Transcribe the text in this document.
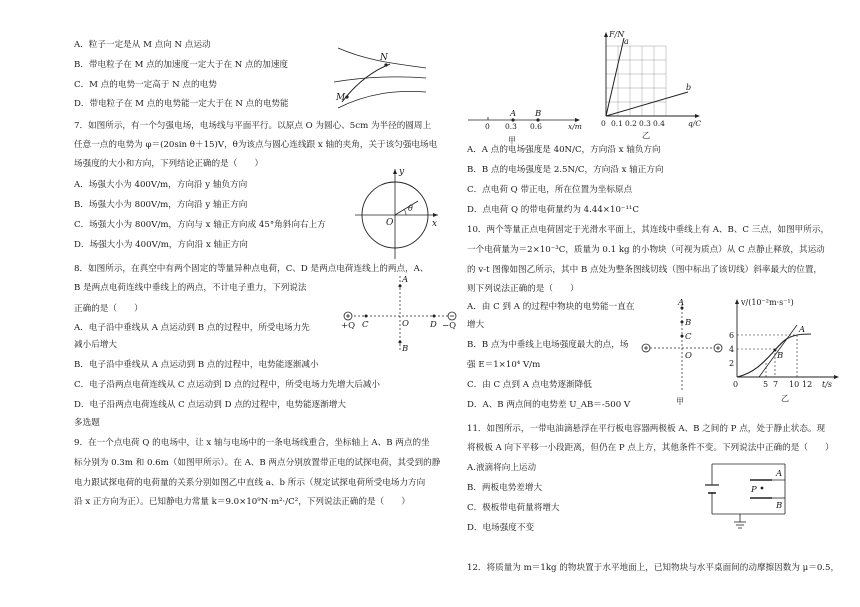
A．粒子一定是从 M 点向 N 点运动
B．带电粒子在 M 点的加速度一定大于在 N 点的加速度
C．M 点的电势一定高于 N 点的电势
D．带电粒子在 M 点的电势能一定大于在 N 点的电势能
N
M
7．如图所示，有一个匀强电场，电场线与平面平行。以原点 O 为圆心、5cm 为半径的圆周上
任意一点的电势为 φ＝(20sin θ＋15)V，θ为该点与圆心连线跟 x 轴的夹角，关于该匀强电场电
场强度的大小和方向，下列结论正确的是（　　）
A．场强大小为 400V/m，方向沿 y 轴负方向
B．场强大小为 800V/m，方向沿 y 轴正方向
C．场强大小为 800V/m，方向与 x 轴正方向成 45°角斜向右上方
D．场强大小为 400V/m，方向沿 x 轴正方向
y
x
O
θ
8．如图所示，在真空中有两个固定的等量异种点电荷，C、D 是两点电荷连线上的两点，A、
B 是两点电荷连线中垂线上的两点，不计电子重力，下列说法
正确的是（　　）
A．电子沿中垂线从 A 点运动到 B 点的过程中，所受电场力先
减小后增大
B．电子沿中垂线从 A 点运动到 B 点的过程中，电势能逐渐减小
C．电子沿两点电荷连线从 C 点运动到 D 点的过程中，所受电场力先增大后减小
D．电子沿两点电荷连线从 C 点运动到 D 点的过程中，电势能逐渐增大
+Q	−Q
C	D
A
B
O
多选题
9．在一个点电荷 Q 的电场中，让 x 轴与电场中的一条电场线重合，坐标轴上 A、B 两点的坐
标分别为 0.3m 和 0.6m（如图甲所示）。在 A、B 两点分别放置带正电的试探电荷，其受到的静
电力跟试探电荷的电荷量的关系分别如图乙中直线 a、b 所示（规定试探电荷所受电场力方向
沿 x 正方向为正）。已知静电力常量 k＝9.0×10⁹N·m²·/C²，下列说法正确的是（　　）
A B
0 0.3 0.6	x/m
甲
F/N
a
b
0 0.1 0.2 0.3 0.4	q/C
乙
A．A 点的电场强度是 40N/C，方向沿 x 轴负方向
B．B 点的电场强度是 2.5N/C，方向沿 x 轴正方向
C．点电荷 Q 带正电，所在位置为坐标原点
D．点电荷 Q 的带电荷量约为 4.44×10⁻¹¹C
10．两个等量正点电荷固定于光滑水平面上，其连线中垂线上有 A、B、C 三点，如图甲所示，
一个电荷量为＝2×10⁻³C，质量为 0.1 kg 的小物块（可视为质点）从 C 点静止释放，其运动
的 v-t 图像如图乙所示，其中 B 点处为整条图线切线（图中标出了该切线）斜率最大的位置，
则下列说法正确的是（　　）
A．由 C 到 A 的过程中物块的电势能一直在
增大
B．B 点为中垂线上电场强度最大的点，场
强 E＝1×10⁴ V/m
C．由 C 点到 A 点电势逐渐降低
D．A、B 两点间的电势差 U_AB＝-500 V
A
B
C
O
甲
v/(10⁻²m·s⁻¹)
2
4
6
0	5 7 10 12 t/s
A
B
乙
11．如图所示，一带电油滴悬浮在平行板电容器两极板 A、B 之间的 P 点，处于静止状态。现
将极板 A 向下平移一小段距离，但仍在 P 点上方，其他条件不变。下列说法中正确的是（　　）
A.液滴将向上运动
B．两板电势差增大
C．极板带电荷量将增大
D．电场强度不变
A
B
P
12．将质量为 m＝1kg 的物块置于水平地面上，已知物块与水平桌面间的动摩擦因数为 μ＝0.5，
